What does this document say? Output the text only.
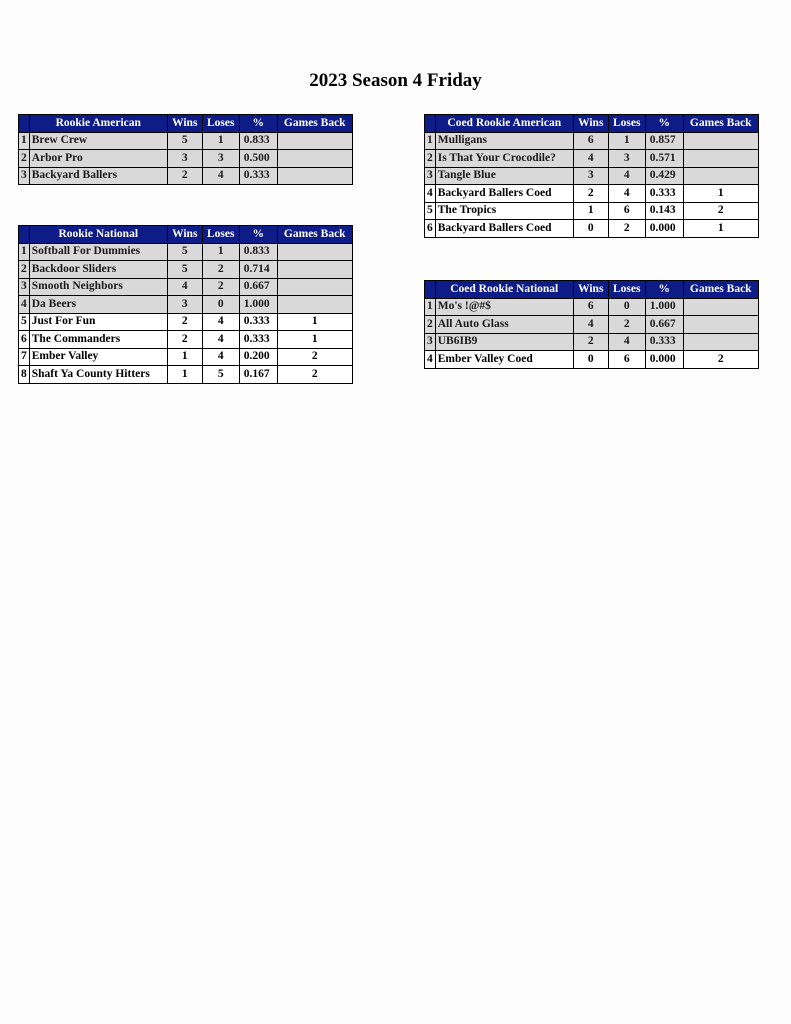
2023 Season 4 Friday
	Rookie American	Wins	Loses	%	Games Back
1	Brew Crew	5	1	0.833	
2	Arbor Pro	3	3	0.500	
3	Backyard Ballers	2	4	0.333	
	Rookie National	Wins	Loses	%	Games Back
1	Softball For Dummies	5	1	0.833	
2	Backdoor Sliders	5	2	0.714	
3	Smooth Neighbors	4	2	0.667	
4	Da Beers	3	0	1.000	
5	Just For Fun	2	4	0.333	1
6	The Commanders	2	4	0.333	1
7	Ember Valley	1	4	0.200	2
8	Shaft Ya County Hitters	1	5	0.167	2
	Coed Rookie American	Wins	Loses	%	Games Back
1	Mulligans	6	1	0.857	
2	Is That Your Crocodile?	4	3	0.571	
3	Tangle Blue	3	4	0.429	
4	Backyard Ballers Coed	2	4	0.333	1
5	The Tropics	1	6	0.143	2
6	Backyard Ballers Coed	0	2	0.000	1
	Coed Rookie National	Wins	Loses	%	Games Back
1	Mo's !@#$	6	0	1.000	
2	All Auto Glass	4	2	0.667	
3	UB6IB9	2	4	0.333	
4	Ember Valley Coed	0	6	0.000	2
